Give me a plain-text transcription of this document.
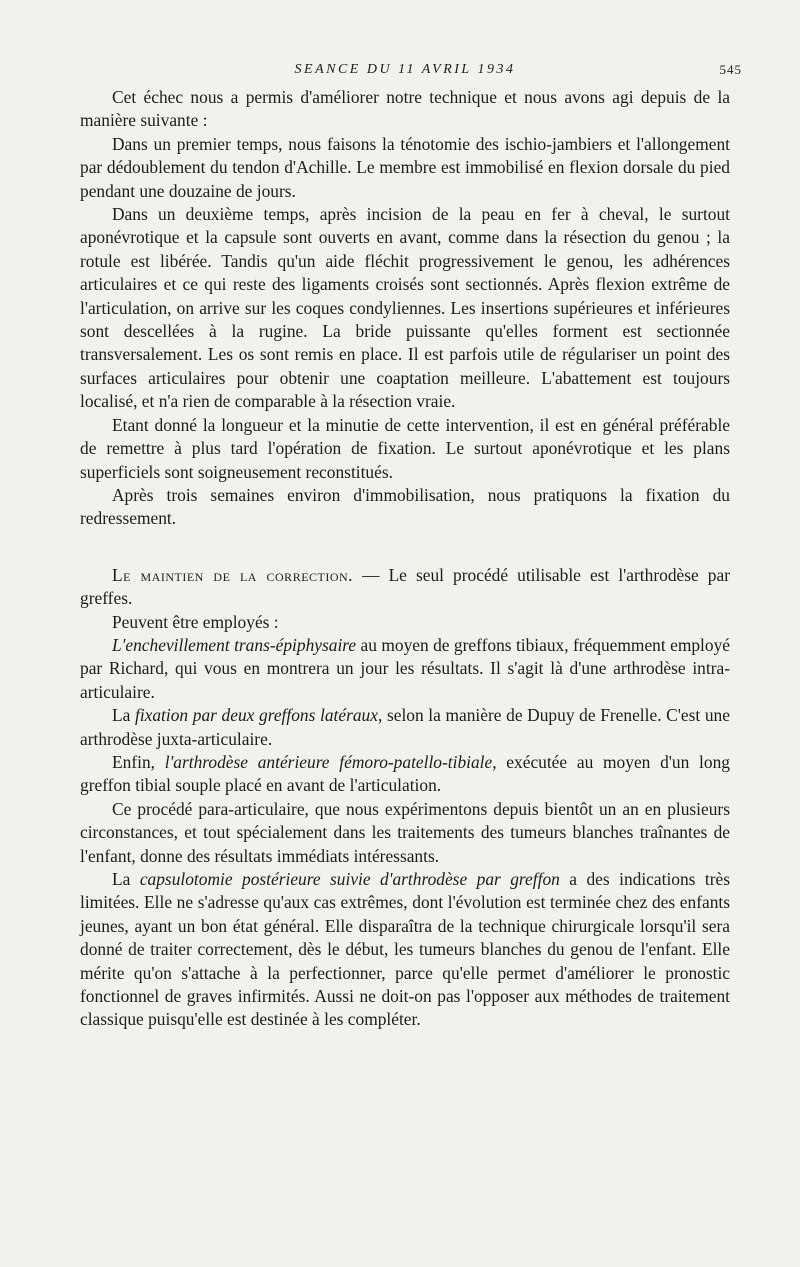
SEANCE DU 11 AVRIL 1934	545

Cet échec nous a permis d'améliorer notre technique et nous avons agi depuis de la manière suivante :

Dans un premier temps, nous faisons la ténotomie des ischio-jambiers et l'allongement par dédoublement du tendon d'Achille. Le membre est immobilisé en flexion dorsale du pied pendant une douzaine de jours.

Dans un deuxième temps, après incision de la peau en fer à cheval, le surtout aponévrotique et la capsule sont ouverts en avant, comme dans la résection du genou ; la rotule est libérée. Tandis qu'un aide fléchit progressivement le genou, les adhérences articulaires et ce qui reste des ligaments croisés sont sectionnés. Après flexion extrême de l'articulation, on arrive sur les coques condyliennes. Les insertions supérieures et inférieures sont descellées à la rugine. La bride puissante qu'elles forment est sectionnée transversalement. Les os sont remis en place. Il est parfois utile de régulariser un point des surfaces articulaires pour obtenir une coaptation meilleure. L'abattement est toujours localisé, et n'a rien de comparable à la résection vraie.

Etant donné la longueur et la minutie de cette intervention, il est en général préférable de remettre à plus tard l'opération de fixation. Le surtout aponévrotique et les plans superficiels sont soigneusement reconstitués.

Après trois semaines environ d'immobilisation, nous pratiquons la fixation du redressement.

Le maintien de la correction. — Le seul procédé utilisable est l'arthrodèse par greffes.

Peuvent être employés :

L'enchevillement trans-épiphysaire au moyen de greffons tibiaux, fréquemment employé par Richard, qui vous en montrera un jour les résultats. Il s'agit là d'une arthrodèse intra-articulaire.

La fixation par deux greffons latéraux, selon la manière de Dupuy de Frenelle. C'est une arthrodèse juxta-articulaire.

Enfin, l'arthrodèse antérieure fémoro-patello-tibiale, exécutée au moyen d'un long greffon tibial souple placé en avant de l'articulation.

Ce procédé para-articulaire, que nous expérimentons depuis bientôt un an en plusieurs circonstances, et tout spécialement dans les traitements des tumeurs blanches traînantes de l'enfant, donne des résultats immédiats intéressants.

La capsulotomie postérieure suivie d'arthrodèse par greffon a des indications très limitées. Elle ne s'adresse qu'aux cas extrêmes, dont l'évolution est terminée chez des enfants jeunes, ayant un bon état général. Elle disparaîtra de la technique chirurgicale lorsqu'il sera donné de traiter correctement, dès le début, les tumeurs blanches du genou de l'enfant. Elle mérite qu'on s'attache à la perfectionner, parce qu'elle permet d'améliorer le pronostic fonctionnel de graves infirmités. Aussi ne doit-on pas l'opposer aux méthodes de traitement classique puisqu'elle est destinée à les compléter.
